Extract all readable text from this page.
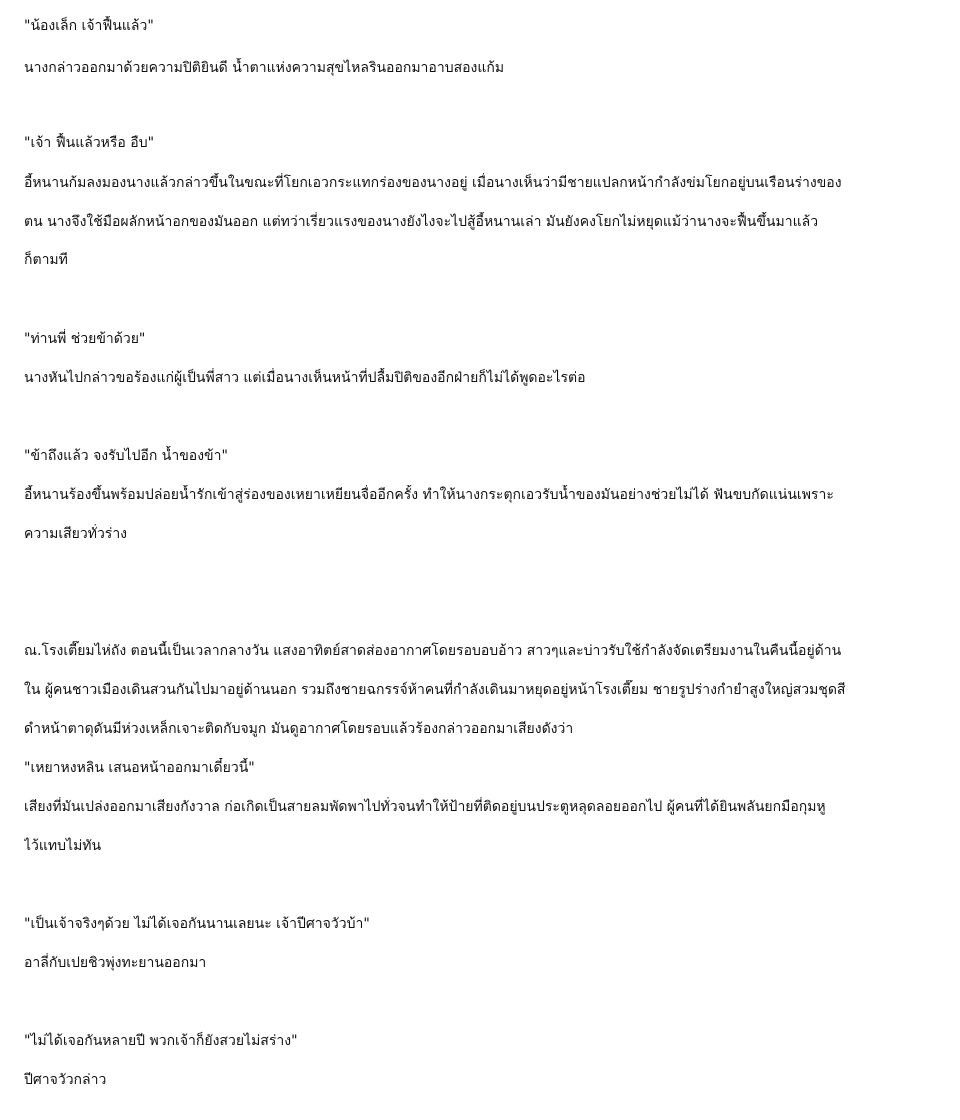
"น้องเล็ก เจ้าฟื้นแล้ว"
นางกล่าวออกมาด้วยความปิติยินดี น้ำตาแห่งความสุขไหลรินออกมาอาบสองแก้ม
"เจ้า ฟื้นแล้วหรือ อืบ"
อี้หนานก้มลงมองนางแล้วกล่าวขึ้นในขณะที่โยกเอวกระแทกร่องของนางอยู่ เมื่อนางเห็นว่ามีชายแปลกหน้ากำลังข่มโยกอยู่บนเรือนร่างของ
ตน นางจึงใช้มือผลักหน้าอกของมันออก แต่ทว่าเรี่ยวแรงของนางยังไงจะไปสู้อี้หนานเล่า มันยังคงโยกไม่หยุดแม้ว่านางจะฟื้นขึ้นมาแล้ว
ก็ตามที
"ท่านพี่ ช่วยข้าด้วย"
นางหันไปกล่าวขอร้องแก่ผู้เป็นพี่สาว แต่เมื่อนางเห็นหน้าที่ปลื้มปิติของอีกฝ่ายก็ไม่ได้พูดอะไรต่อ
"ข้าถึงแล้ว จงรับไปอีก น้ำของข้า"
อี้หนานร้องขึ้นพร้อมปล่อยน้ำรักเข้าสู่ร่องของเหยาเหยียนจื่ออีกครั้ง ทำให้นางกระตุกเอวรับน้ำของมันอย่างช่วยไม่ได้ ฟันขบกัดแน่นเพราะ
ความเสียวทั่วร่าง
ณ.โรงเตี๊ยมไห่ถัง ตอนนี้เป็นเวลากลางวัน แสงอาทิตย์สาดส่องอากาศโดยรอบอบอ้าว สาวๆและบ่าวรับใช้กำลังจัดเตรียมงานในคืนนี้อยู่ด้าน
ใน ผู้คนชาวเมืองเดินสวนกันไปมาอยู่ด้านนอก รวมถึงชายฉกรรจ์ห้าคนที่กำลังเดินมาหยุดอยู่หน้าโรงเตี๊ยม ชายรูปร่างกำยำสูงใหญ่สวมชุดสี
ดำหน้าตาดุดันมีห่วงเหล็กเจาะติดกับจมูก มันดูอากาศโดยรอบแล้วร้องกล่าวออกมาเสียงดังว่า
"เหยาหงหลิน เสนอหน้าออกมาเดี๋ยวนี้"
เสียงที่มันเปล่งออกมาเสียงกังวาล ก่อเกิดเป็นสายลมพัดพาไปทั่วจนทำให้ป้ายที่ติดอยู่บนประตูหลุดลอยออกไป ผู้คนที่ได้ยินพลันยกมือกุมหู
ไว้แทบไม่ทัน
"เป็นเจ้าจริงๆด้วย ไม่ได้เจอกันนานเลยนะ เจ้าปีศาจวัวบ้า"
อาลี่กับเปยชิวพุ่งทะยานออกมา
"ไม่ได้เจอกันหลายปี พวกเจ้าก็ยังสวยไม่สร่าง"
ปีศาจวัวกล่าว
